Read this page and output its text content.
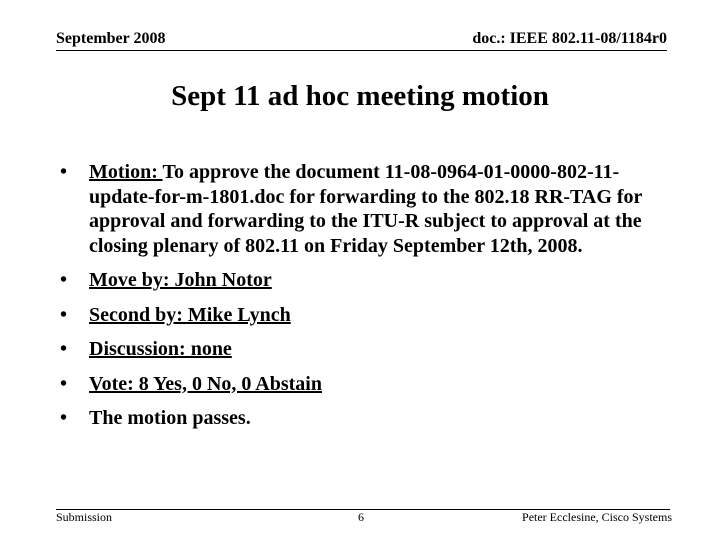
September 2008	doc.: IEEE 802.11-08/1184r0
Sept 11 ad hoc meeting motion
• Motion: To approve the document 11-08-0964-01-0000-802-11-update-for-m-1801.doc for forwarding to the 802.18 RR-TAG for approval and forwarding to the ITU-R subject to approval at the closing plenary of 802.11 on Friday September 12th, 2008.
• Move by: John Notor
• Second by: Mike Lynch
• Discussion: none
• Vote: 8 Yes, 0 No, 0 Abstain
• The motion passes.
Submission	6	Peter Ecclesine, Cisco Systems
